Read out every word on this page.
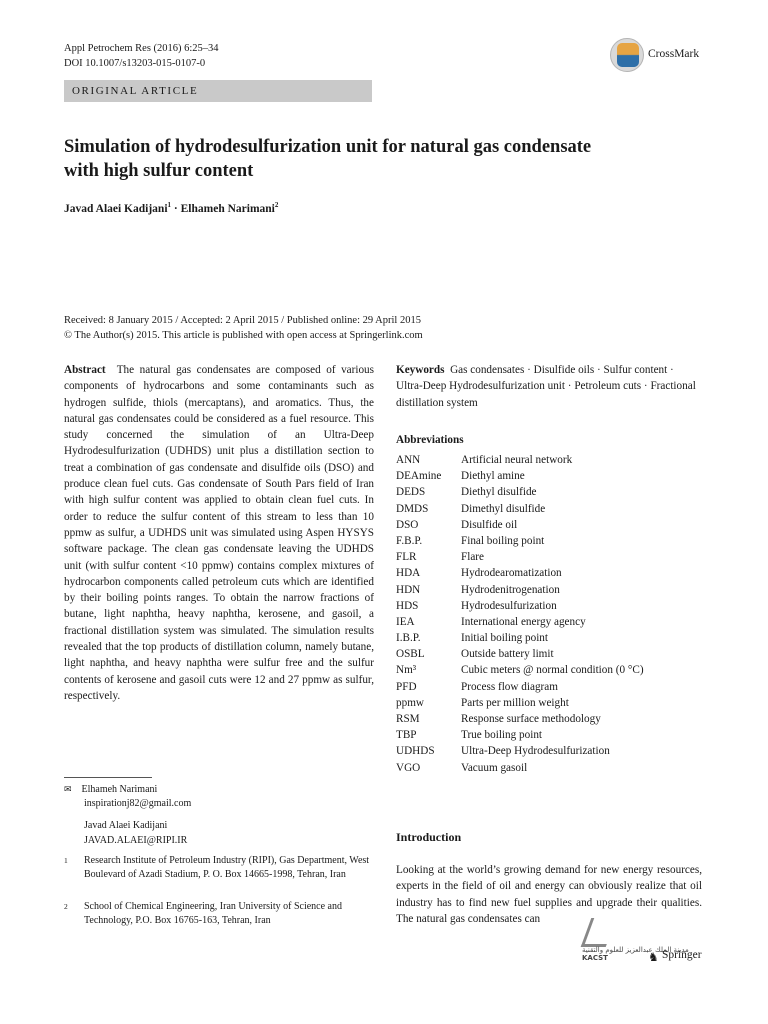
Appl Petrochem Res (2016) 6:25–34
DOI 10.1007/s13203-015-0107-0
ORIGINAL ARTICLE
CrossMark
Simulation of hydrodesulfurization unit for natural gas condensate with high sulfur content
Javad Alaei Kadijani$^1$ · Elhameh Narimani$^2$
Received: 8 January 2015 / Accepted: 2 April 2015 / Published online: 29 April 2015
© The Author(s) 2015. This article is published with open access at Springerlink.com
Abstract The natural gas condensates are composed of various components of hydrocarbons and some contaminants such as hydrogen sulfide, thiols (mercaptans), and aromatics. Thus, the natural gas condensates could be considered as a fuel resource. This study concerned the simulation of an Ultra-Deep Hydrodesulfurization (UDHDS) unit plus a distillation section to treat a combination of gas condensate and disulfide oils (DSO) and produce clean fuel cuts. Gas condensate of South Pars field of Iran with high sulfur content was applied to obtain clean fuel cuts. In order to reduce the sulfur content of this stream to less than 10 ppmw as sulfur, a UDHDS unit was simulated using Aspen HYSYS software package. The clean gas condensate leaving the UDHDS unit (with sulfur content <10 ppmw) contains complex mixtures of hydrocarbon components called petroleum cuts which are identified by their boiling points ranges. To obtain the narrow fractions of butane, light naphtha, heavy naphtha, kerosene, and gasoil, a fractional distillation system was simulated. The simulation results revealed that the top products of distillation column, namely butane, light naphtha, and heavy naphtha were sulfur free and the sulfur contents of kerosene and gasoil cuts were 12 and 27 ppmw as sulfur, respectively.
Keywords Gas condensates · Disulfide oils · Sulfur content · Ultra-Deep Hydrodesulfurization unit · Petroleum cuts · Fractional distillation system
Abbreviations
ANN	Artificial neural network
DEAmine	Diethyl amine
DEDS	Diethyl disulfide
DMDS	Dimethyl disulfide
DSO	Disulfide oil
F.B.P.	Final boiling point
FLR	Flare
HDA	Hydrodearomatization
HDN	Hydrodenitrogenation
HDS	Hydrodesulfurization
IEA	International energy agency
I.B.P.	Initial boiling point
OSBL	Outside battery limit
Nm³	Cubic meters @ normal condition (0 °C)
PFD	Process flow diagram
ppmw	Parts per million weight
RSM	Response surface methodology
TBP	True boiling point
UDHDS	Ultra-Deep Hydrodesulfurization
VGO	Vacuum gasoil
✉ Elhameh Narimani
inspirationj82@gmail.com
Javad Alaei Kadijani
JAVAD.ALAEI@RIPI.IR
1 Research Institute of Petroleum Industry (RIPI), Gas Department, West Boulevard of Azadi Stadium, P. O. Box 14665-1998, Tehran, Iran
2 School of Chemical Engineering, Iran University of Science and Technology, P.O. Box 16765-163, Tehran, Iran
Introduction
Looking at the world’s growing demand for new energy resources, experts in the field of oil and energy can obviously realize that oil industry has to find new fuel supplies and upgrade their qualities. The natural gas condensates can
مدينة الملك عبدالعزيز للعلوم والتقنية
KACST	♞ Springer
